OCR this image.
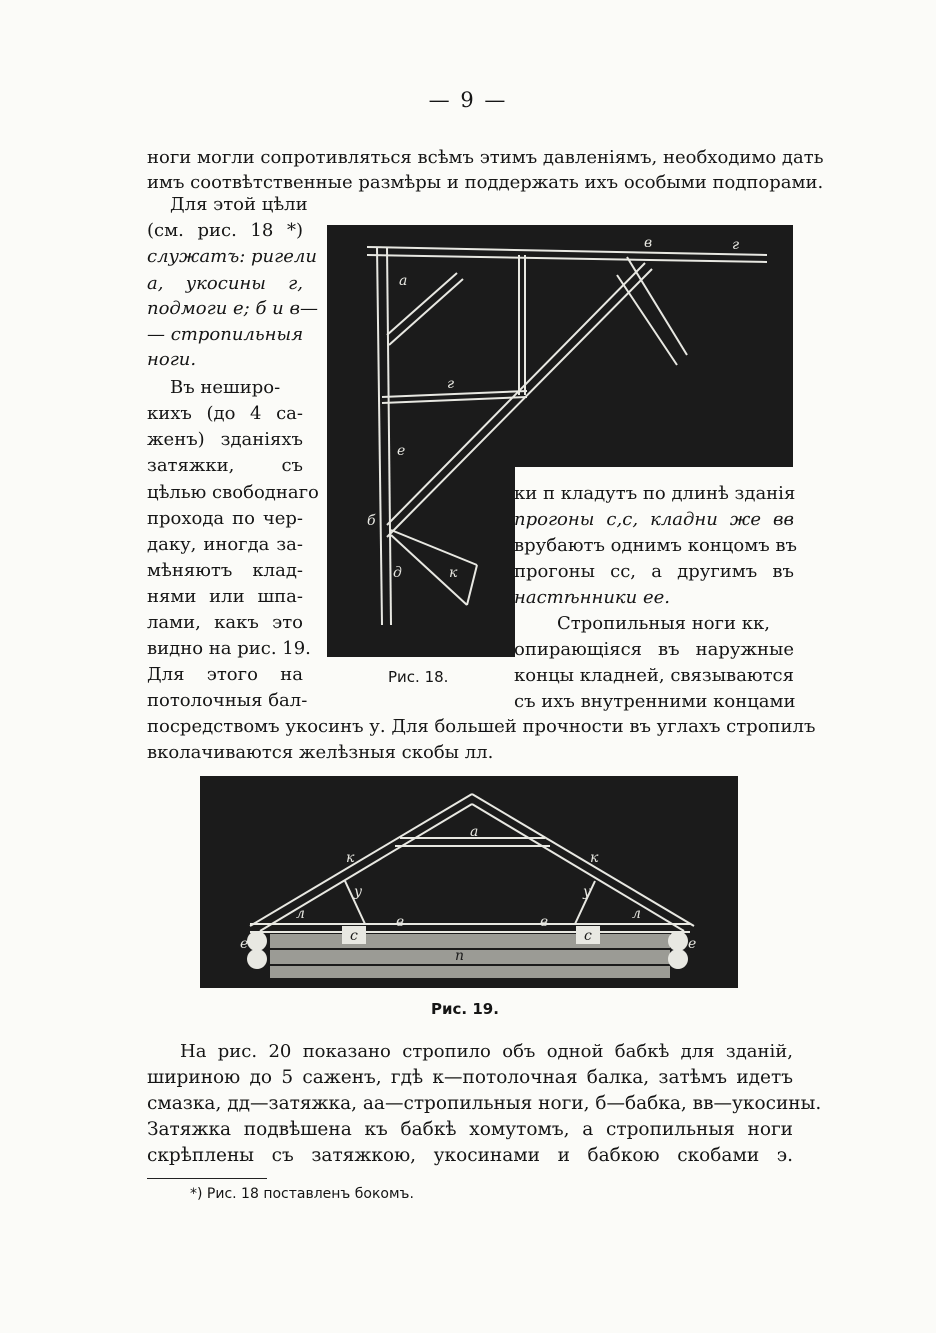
— 9 —
ноги могли сопротивляться всѣмъ этимъ давленіямъ, необходимо дать
имъ соотвѣтственные размѣры и поддержать ихъ особыми подпорами.
Для этой цѣли
(см. рис. 18 *)
служатъ: ригели
а, укосины г,
подмоги е; б и в—
— стропильныя
ноги.
Въ неширо-
кихъ (до 4 са-
женъ) зданіяхъ
затяжки, съ
цѣлью свободнаго
прохода по чер-
даку, иногда за-
мѣняютъ клад-
нями или шпа-
лами, какъ это
видно на рис. 19.
Для этого на
потолочныя бал-
в	г
а
г
е
б
д	к
Рис. 18.
ки п кладутъ по длинѣ зданія
прогоны с,с, кладни же вв
врубаютъ однимъ концомъ въ
прогоны сс, а другимъ въ
настѣнники ее.
Стропильныя ноги кк,
опирающіяся въ наружные
концы кладней, связываются
съ ихъ внутренними концами
посредствомъ укосинъ у. Для большей прочности въ углахъ стропилъ
вколачиваются желѣзныя скобы лл.
а
к	к
у	у
л	л
е
в
с
в
с	е
п
Рис. 19.
На рис. 20 показано стропило объ одной бабкѣ для зданій,
шириною до 5 саженъ, гдѣ к—потолочная балка, затѣмъ идетъ
смазка, дд—затяжка, аа—стропильныя ноги, б—бабка, вв—укосины.
Затяжка подвѣшена къ бабкѣ хомутомъ, а стропильныя ноги
скрѣплены съ затяжкою, укосинами и бабкою скобами э.
*) Рис. 18 поставленъ бокомъ.
